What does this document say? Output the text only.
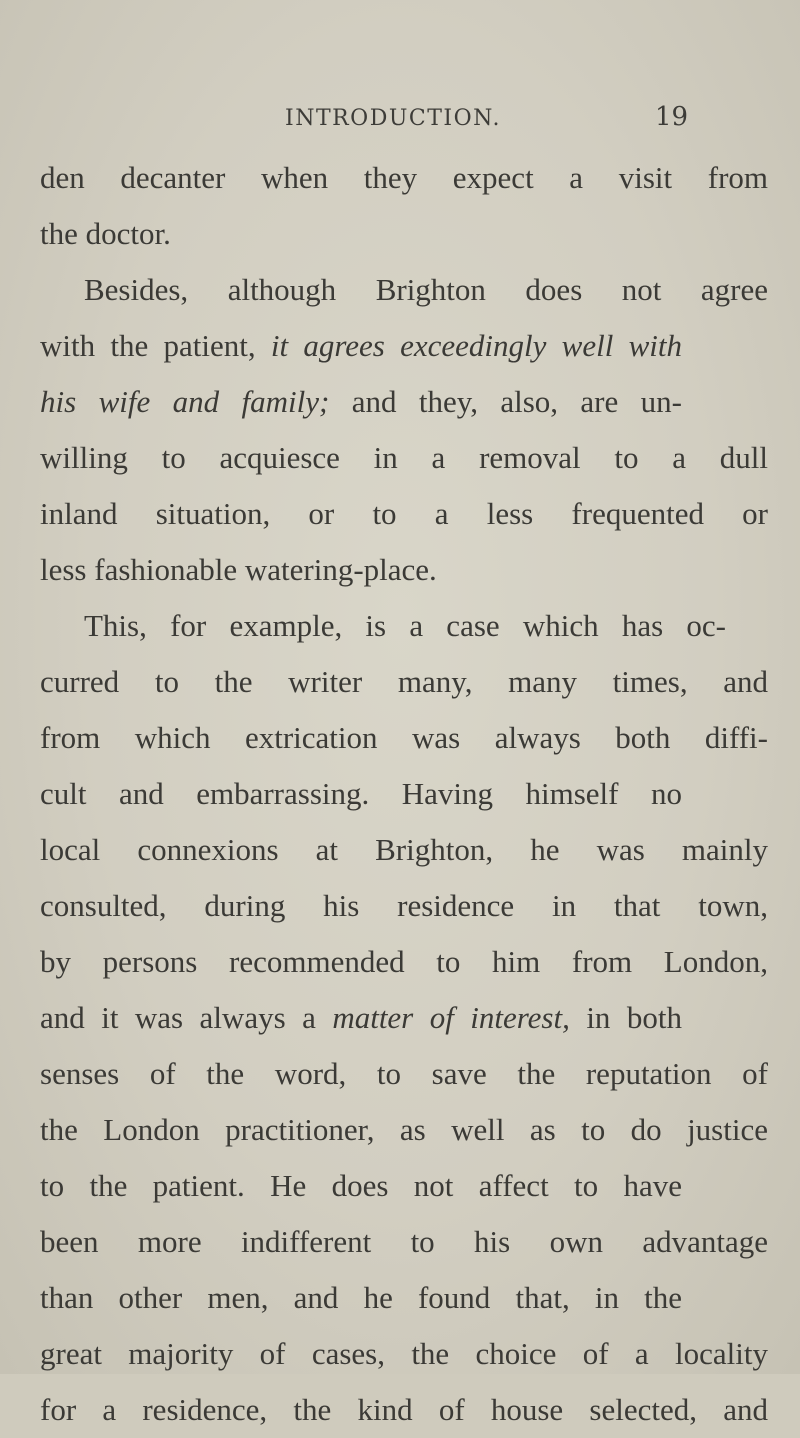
INTRODUCTION.	19
den decanter when they expect a visit from
the doctor.
Besides, although Brighton does not agree
with the patient, it agrees exceedingly well with
his wife and family; and they, also, are un-
willing to acquiesce in a removal to a dull
inland situation, or to a less frequented or
less fashionable watering-place.
This, for example, is a case which has oc-
curred to the writer many, many times, and
from which extrication was always both diffi-
cult and embarrassing. Having himself no
local connexions at Brighton, he was mainly
consulted, during his residence in that town,
by persons recommended to him from London,
and it was always a matter of interest, in both
senses of the word, to save the reputation of
the London practitioner, as well as to do justice
to the patient. He does not affect to have
been more indifferent to his own advantage
than other men, and he found that, in the
great majority of cases, the choice of a locality
for a residence, the kind of house selected, and
